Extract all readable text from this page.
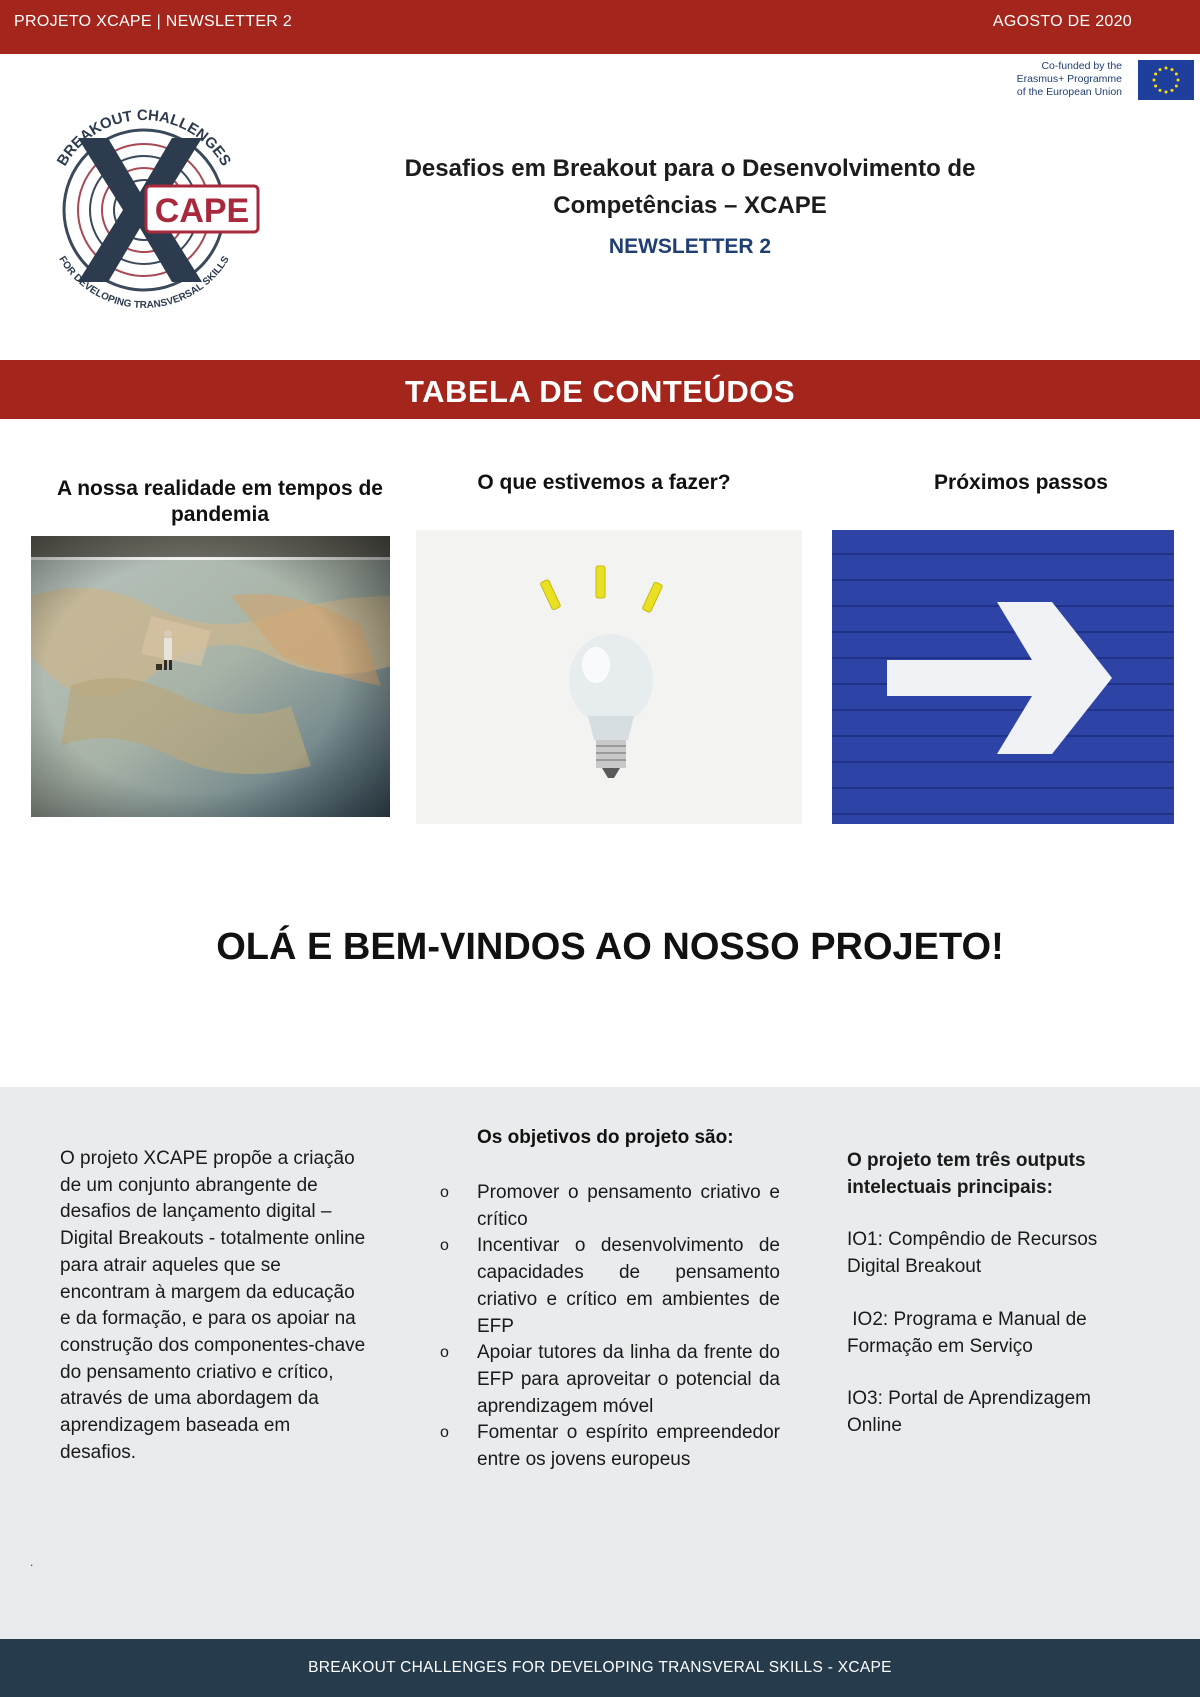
PROJETO XCAPE | NEWSLETTER 2	AGOSTO DE 2020
Co-funded by the
Erasmus+ Programme
of the European Union
CAPE
BREAKOUT CHALLENGES
FOR DEVELOPING TRANSVERSAL SKILLS
Desafios em Breakout para o Desenvolvimento de
Competências – XCAPE
NEWSLETTER 2
TABELA DE CONTEÚDOS
A nossa realidade em tempos de
pandemia
O que estivemos a fazer?	Próximos passos
OLÁ E BEM-VINDOS AO NOSSO PROJETO!
O projeto XCAPE propõe a criação
de um conjunto abrangente de
desafios de lançamento digital –
Digital Breakouts - totalmente online
para atrair aqueles que se
encontram à margem da educação
e da formação, e para os apoiar na
construção dos componentes-chave
do pensamento criativo e crítico,
através de uma abordagem da
aprendizagem baseada em
desafios.
Os objetivos do projeto são:
o Promover o pensamento criativo e crítico
o Incentivar o desenvolvimento de capacidades de pensamento criativo e crítico em ambientes de EFP
o Apoiar tutores da linha da frente do EFP para aproveitar o potencial da aprendizagem móvel
o Fomentar o espírito empreendedor entre os jovens europeus
O projeto tem três outputs intelectuais principais:
IO1: Compêndio de Recursos Digital Breakout
IO2: Programa e Manual de Formação em Serviço
IO3: Portal de Aprendizagem Online
.
BREAKOUT CHALLENGES FOR DEVELOPING TRANSVERAL SKILLS - XCAPE
